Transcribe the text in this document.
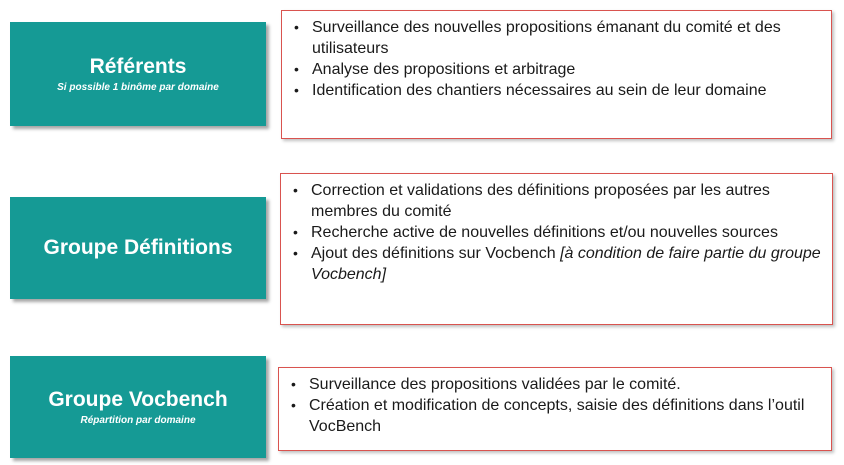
Référents
Si possible 1 binôme par domaine
• Surveillance des nouvelles propositions émanant du comité et des utilisateurs
• Analyse des propositions et arbitrage
• Identification des chantiers nécessaires au sein de leur domaine
Groupe Définitions
• Correction et validations des définitions proposées par les autres membres du comité
• Recherche active de nouvelles définitions et/ou nouvelles sources
• Ajout des définitions sur Vocbench [à condition de faire partie du groupe Vocbench]
Groupe Vocbench
Répartition par domaine
• Surveillance des propositions validées par le comité.
• Création et modification de concepts, saisie des définitions dans l’outil VocBench
